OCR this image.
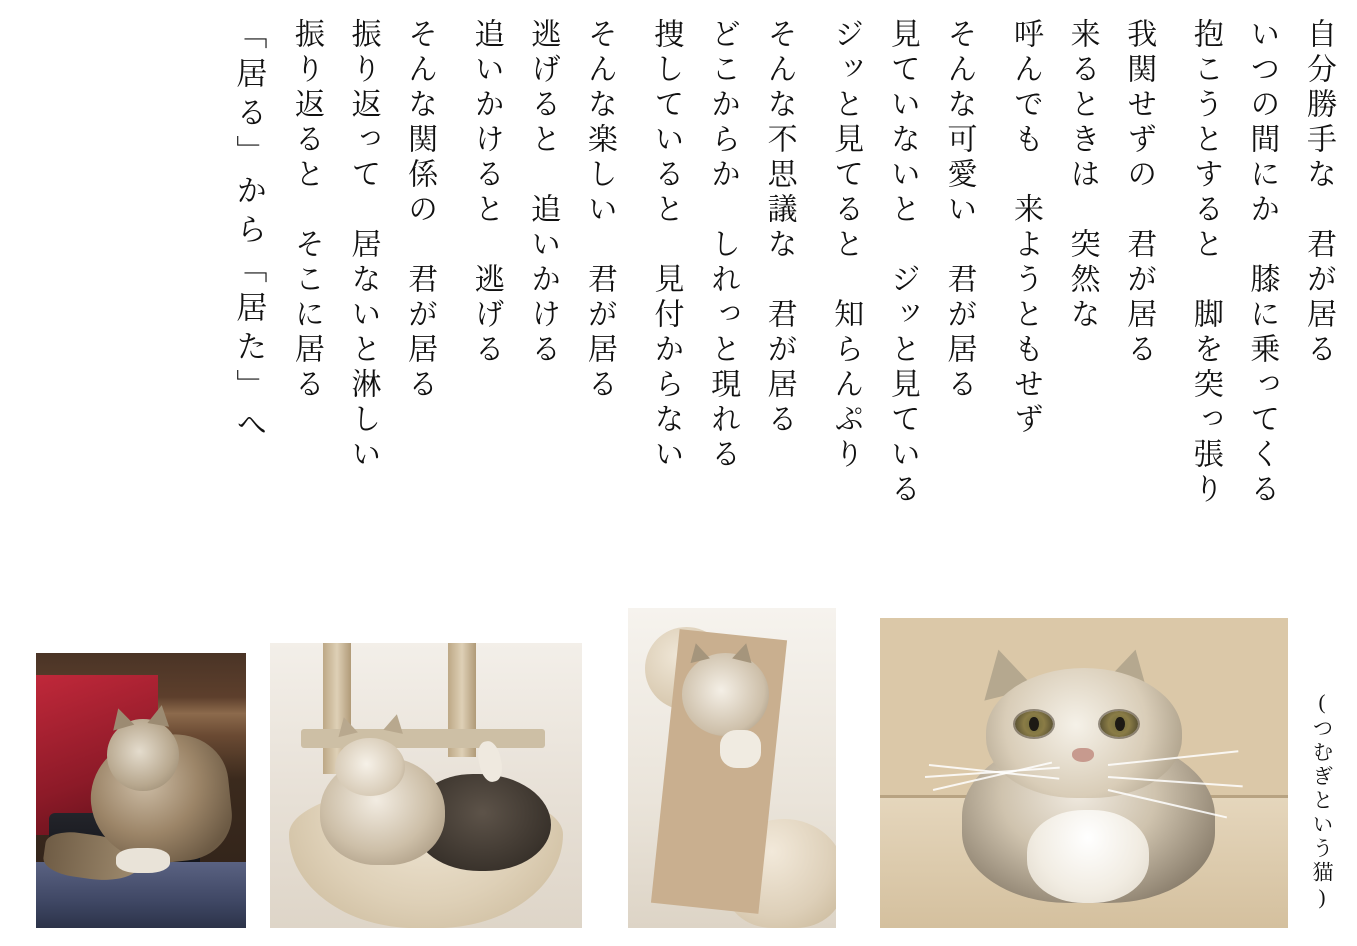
「居る」から「居た」へ 振り返ると　そこに居る 振り返って　居ないと淋しい そんな関係の　君が居る 追いかけると　逃げる 逃げると　追いかける そんな楽しい　君が居る 捜していると　見付からない どこからか　しれっと現れる そんな不思議な　君が居る ジッと見てると　知らんぷり 見ていないと　ジッと見ている そんな可愛い　君が居る 呼んでも　来ようともせず 来るときは　突然な 我関せずの　君が居る 抱こうとすると　脚を突っ張り いつの間にか　膝に乗ってくる 自分勝手な　君が居る
(つむぎという猫)
